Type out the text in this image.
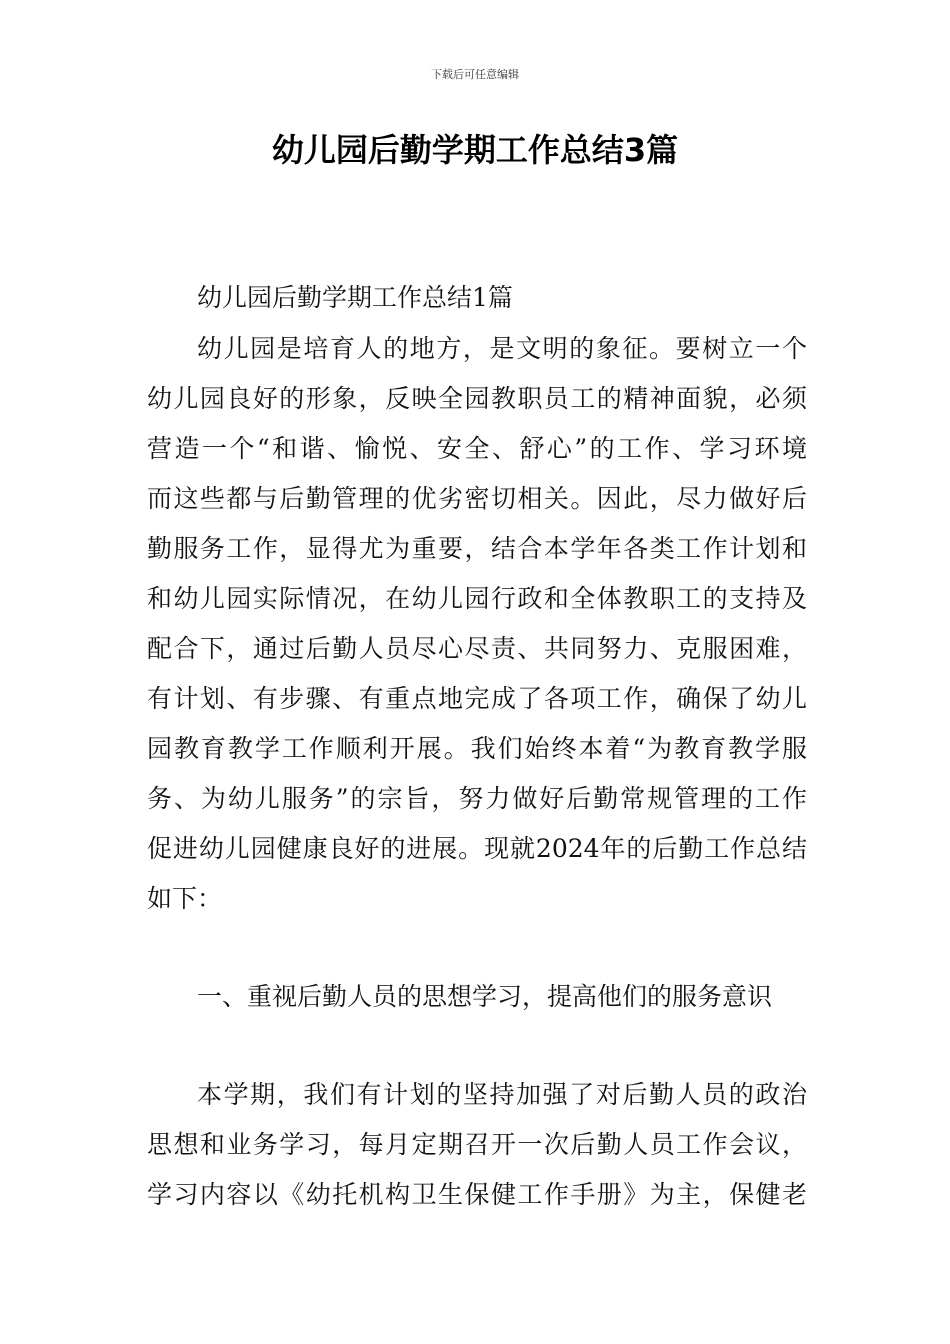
下载后可任意编辑
幼儿园后勤学期工作总结3篇
幼儿园后勤学期工作总结1篇
幼儿园是培育人的地方，是文明的象征。要树立一个
幼儿园良好的形象，反映全园教职员工的精神面貌，必须
营造一个“和谐、愉悦、安全、舒心”的工作、学习环境
而这些都与后勤管理的优劣密切相关。因此，尽力做好后
勤服务工作，显得尤为重要，结合本学年各类工作计划和
和幼儿园实际情况，在幼儿园行政和全体教职工的支持及
配合下，通过后勤人员尽心尽责、共同努力、克服困难，
有计划、有步骤、有重点地完成了各项工作，确保了幼儿
园教育教学工作顺利开展。我们始终本着“为教育教学服
务、为幼儿服务”的宗旨，努力做好后勤常规管理的工作
促进幼儿园健康良好的进展。现就2024年的后勤工作总结
如下：
一、重视后勤人员的思想学习，提高他们的服务意识
本学期，我们有计划的坚持加强了对后勤人员的政治
思想和业务学习，每月定期召开一次后勤人员工作会议，
学习内容以《幼托机构卫生保健工作手册》为主，保健老
